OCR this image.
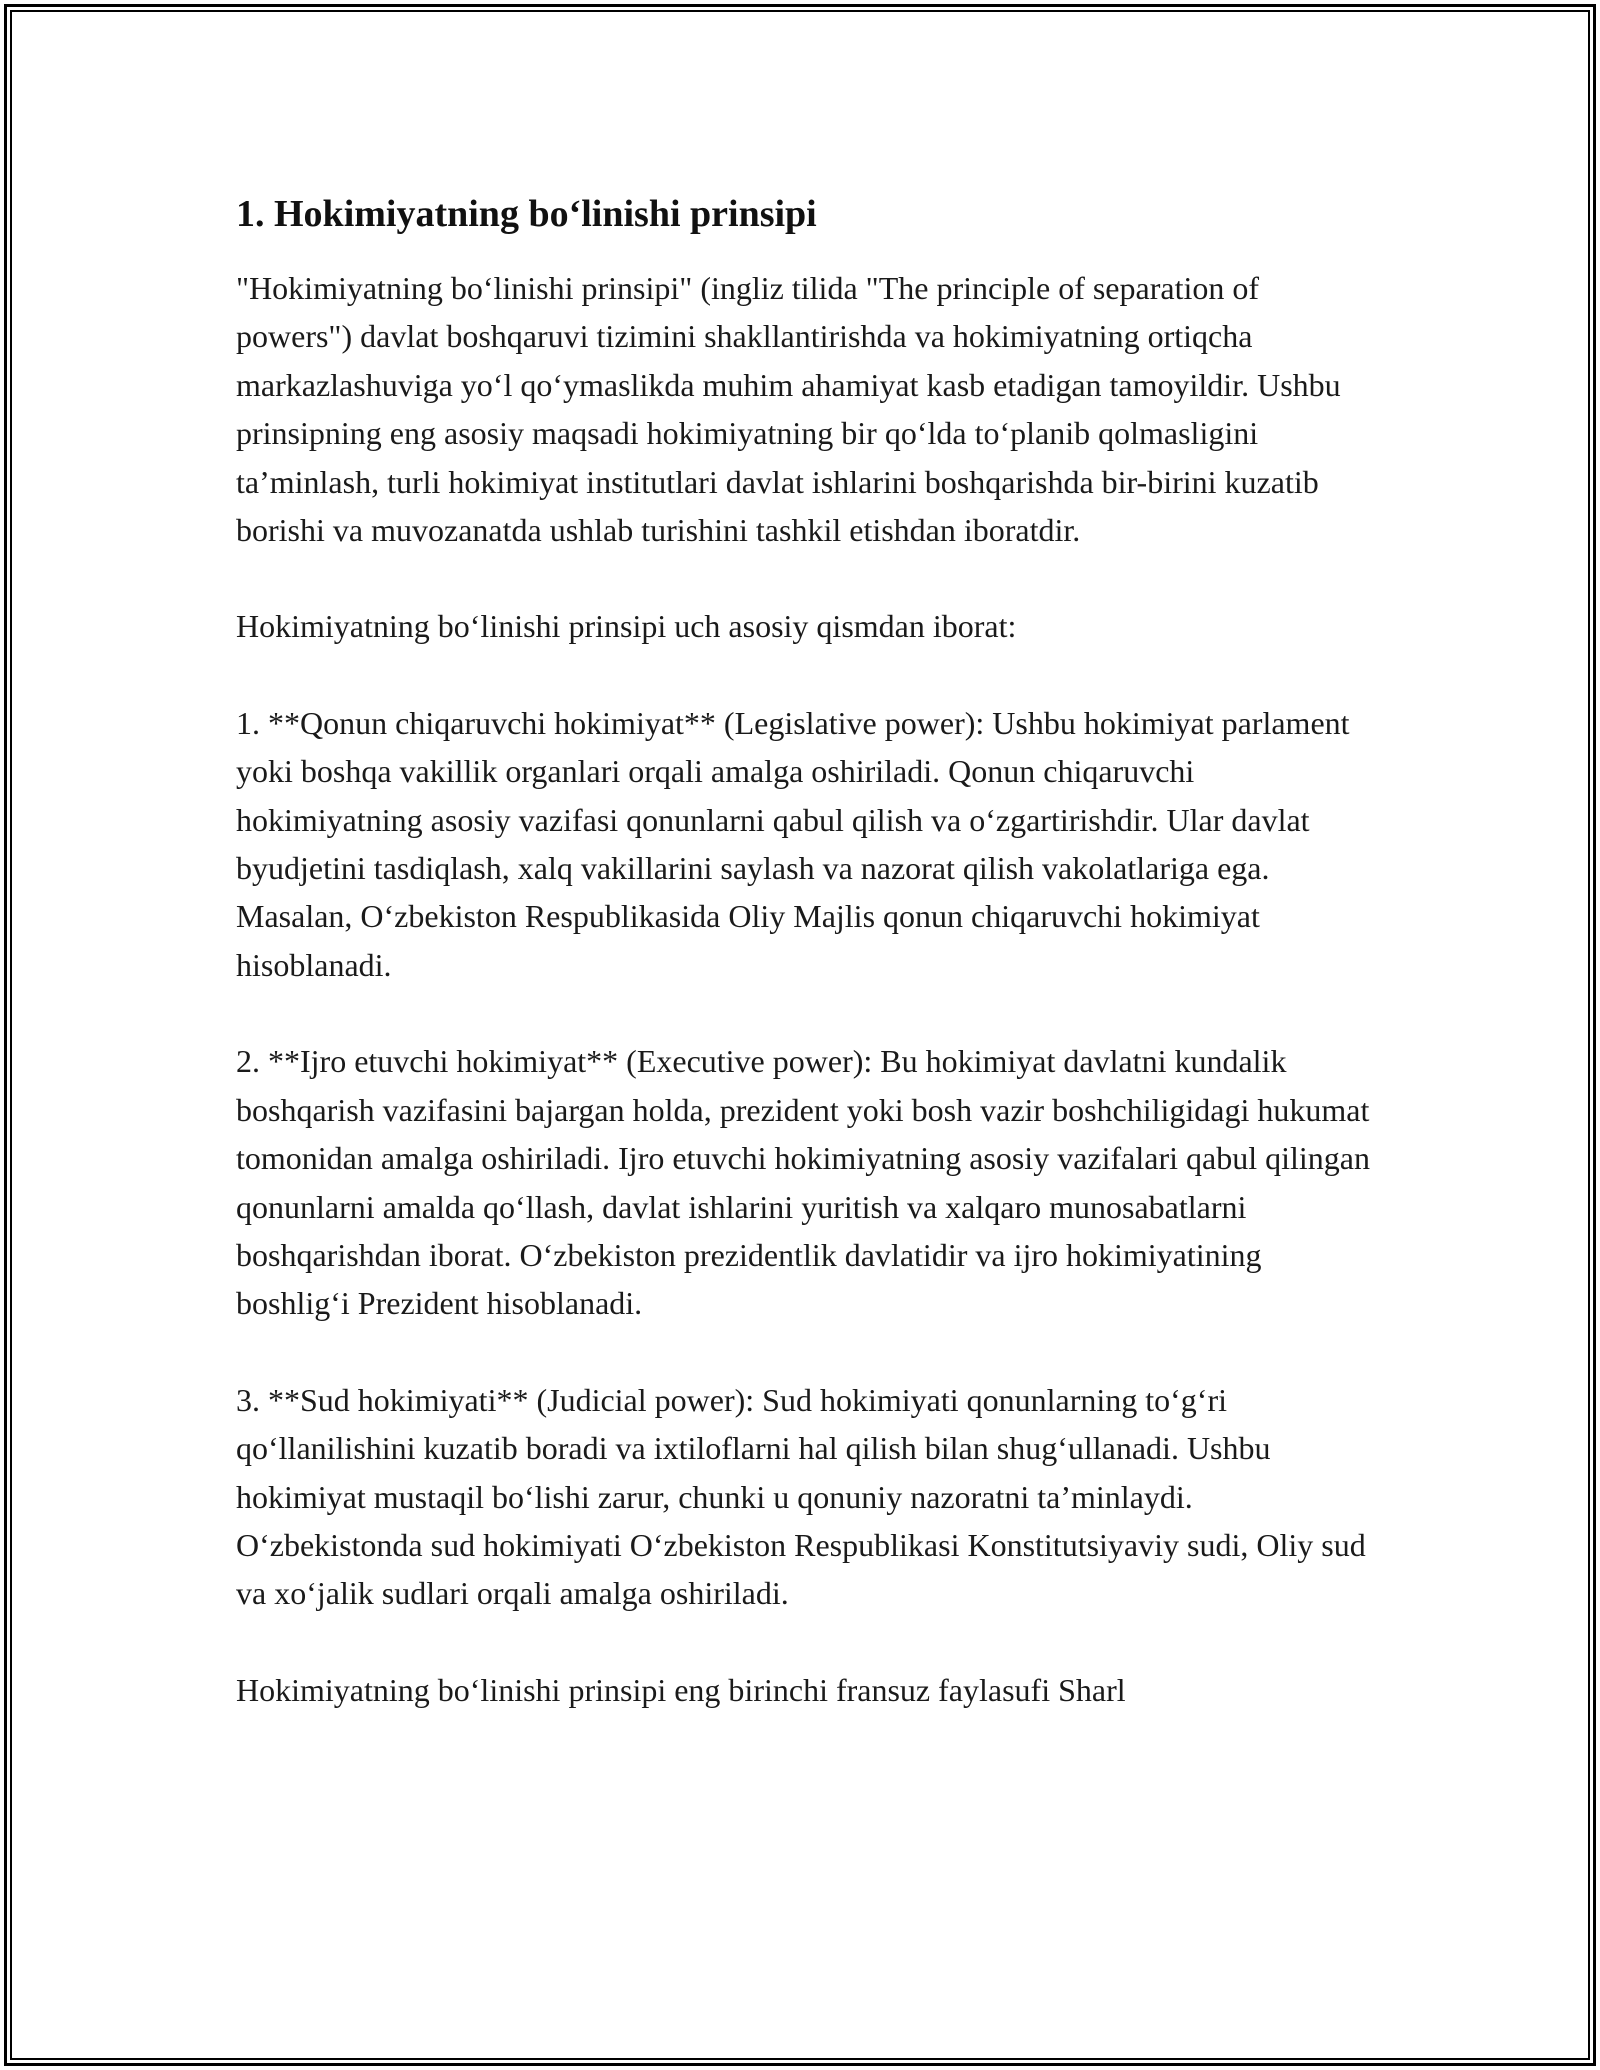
1. Hokimiyatning bo‘linishi prinsipi

"Hokimiyatning bo‘linishi prinsipi" (ingliz tilida "The principle of separation of powers") davlat boshqaruvi tizimini shakllantirishda va hokimiyatning ortiqcha markazlashuviga yo‘l qo‘ymaslikda muhim ahamiyat kasb etadigan tamoyildir. Ushbu prinsipning eng asosiy maqsadi hokimiyatning bir qo‘lda to‘planib qolmasligini ta’minlash, turli hokimiyat institutlari davlat ishlarini boshqarishda bir-birini kuzatib borishi va muvozanatda ushlab turishini tashkil etishdan iboratdir.

Hokimiyatning bo‘linishi prinsipi uch asosiy qismdan iborat:

1. **Qonun chiqaruvchi hokimiyat** (Legislative power): Ushbu hokimiyat parlament yoki boshqa vakillik organlari orqali amalga oshiriladi. Qonun chiqaruvchi hokimiyatning asosiy vazifasi qonunlarni qabul qilish va o‘zgartirishdir. Ular davlat byudjetini tasdiqlash, xalq vakillarini saylash va nazorat qilish vakolatlariga ega. Masalan, O‘zbekiston Respublikasida Oliy Majlis qonun chiqaruvchi hokimiyat hisoblanadi.

2. **Ijro etuvchi hokimiyat** (Executive power): Bu hokimiyat davlatni kundalik boshqarish vazifasini bajargan holda, prezident yoki bosh vazir boshchiligidagi hukumat tomonidan amalga oshiriladi. Ijro etuvchi hokimiyatning asosiy vazifalari qabul qilingan qonunlarni amalda qo‘llash, davlat ishlarini yuritish va xalqaro munosabatlarni boshqarishdan iborat. O‘zbekiston prezidentlik davlatidir va ijro hokimiyatining boshlig‘i Prezident hisoblanadi.

3. **Sud hokimiyati** (Judicial power): Sud hokimiyati qonunlarning to‘g‘ri qo‘llanilishini kuzatib boradi va ixtiloflarni hal qilish bilan shug‘ullanadi. Ushbu hokimiyat mustaqil bo‘lishi zarur, chunki u qonuniy nazoratni ta’minlaydi. O‘zbekistonda sud hokimiyati O‘zbekiston Respublikasi Konstitutsiyaviy sudi, Oliy sud va xo‘jalik sudlari orqali amalga oshiriladi.

Hokimiyatning bo‘linishi prinsipi eng birinchi fransuz faylasufi Sharl
